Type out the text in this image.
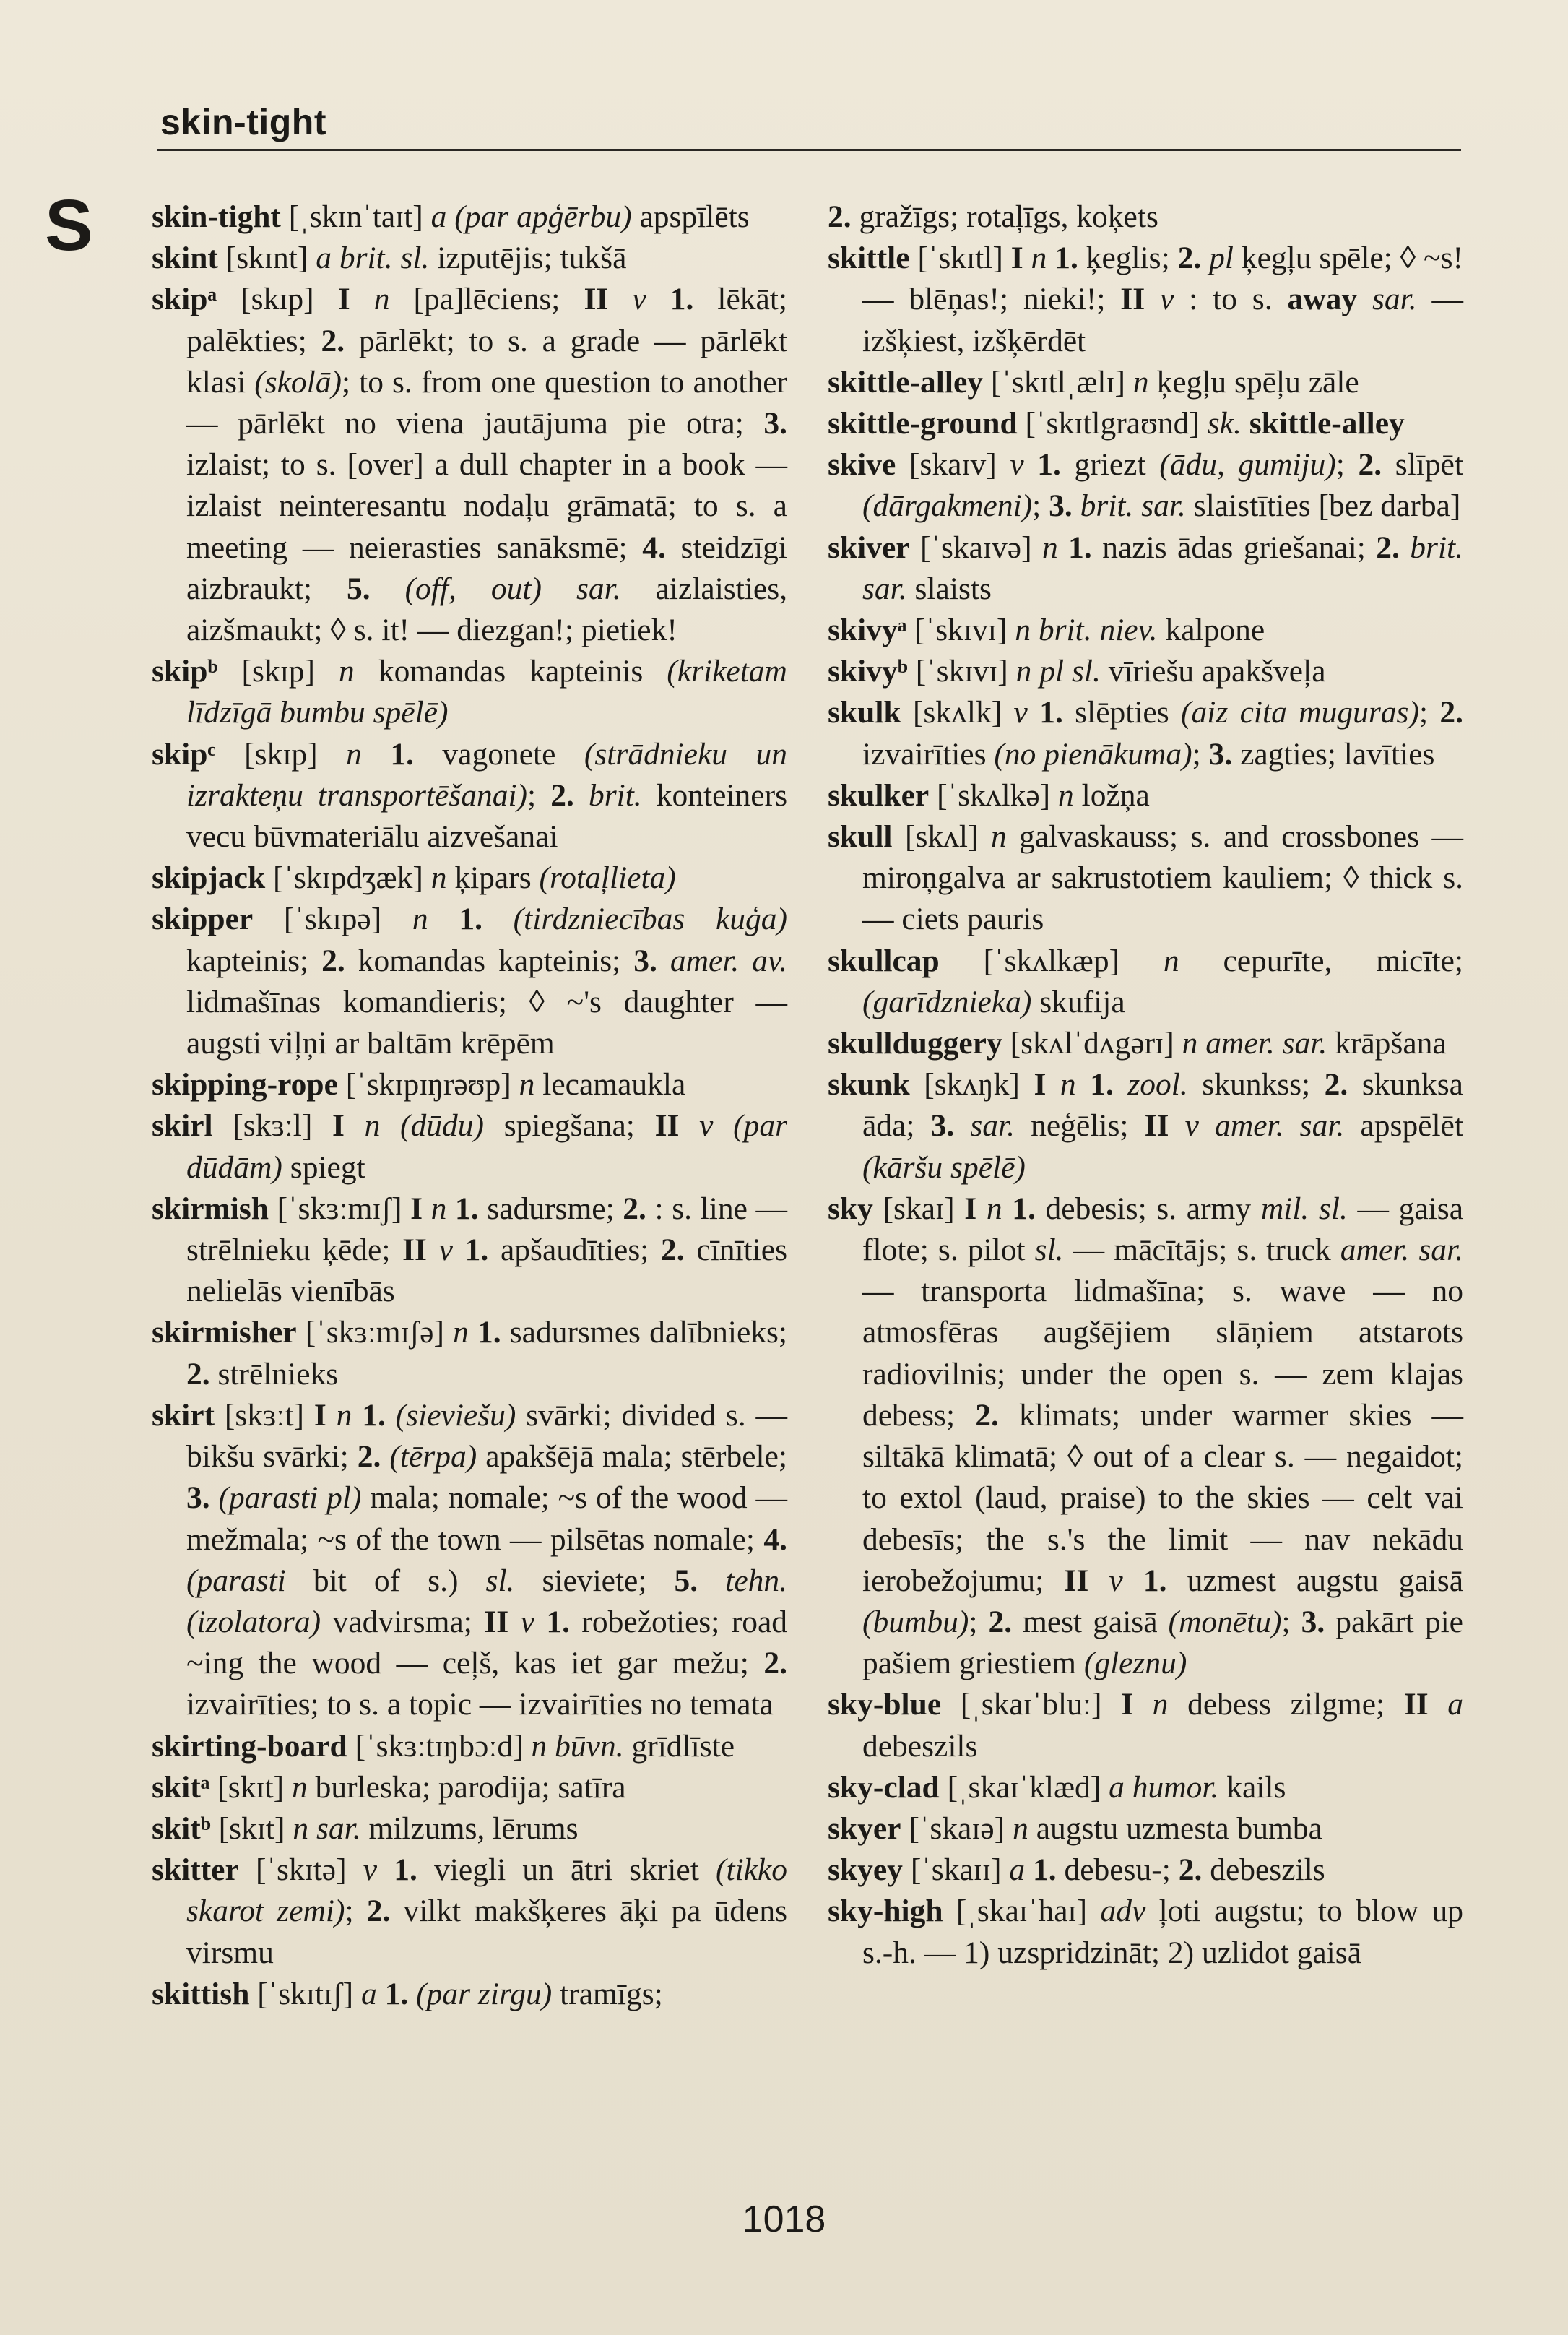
skin-tight
S skin-tight [ˌskɪnˈtaɪt] a (par apģērbu) apspīlēts

skint [skɪnt] a brit. sl. izputējis; tukšā

skipᵃ [skɪp] I n [pa]lēciens; II v 1. lēkāt; palēkties; 2. pārlēkt; to s. a grade — pārlēkt klasi (skolā); to s. from one question to another — pārlēkt no viena jautājuma pie otra; 3. izlaist; to s. [over] a dull chapter in a book — izlaist neinteresantu nodaļu grāmatā; to s. a meeting — neierasties sanāksmē; 4. steidzīgi aizbraukt; 5. (off, out) sar. aizlaisties, aizšmaukt; ◊ s. it! — diezgan!; pietiek!

skipᵇ [skɪp] n komandas kapteinis (kriketam līdzīgā bumbu spēlē)

skipᶜ [skɪp] n 1. vagonete (strādnieku un izrakteņu transportēšanai); 2. brit. konteiners vecu būvmateriālu aizvešanai

skipjack [ˈskɪpdʒæk] n ķipars (rotaļlieta)

skipper [ˈskɪpə] n 1. (tirdzniecības kuģa) kapteinis; 2. komandas kapteinis; 3. amer. av. lidmašīnas komandieris; ◊ ~'s daughter — augsti viļņi ar baltām krēpēm

skipping-rope [ˈskɪpɪŋrəʊp] n lecamaukla

skirl [skɜːl] I n (dūdu) spiegšana; II v (par dūdām) spiegt

skirmish [ˈskɜːmɪʃ] I n 1. sadursme; 2. : s. line — strēlnieku ķēde; II v 1. apšaudīties; 2. cīnīties nelielās vienībās

skirmisher [ˈskɜːmɪʃə] n 1. sadursmes dalībnieks; 2. strēlnieks

skirt [skɜːt] I n 1. (sieviešu) svārki; divided s. — bikšu svārki; 2. (tērpa) apakšējā mala; stērbele; 3. (parasti pl) mala; nomale; ~s of the wood — mežmala; ~s of the town — pilsētas nomale; 4. (parasti bit of s.) sl. sieviete; 5. tehn. (izolatora) vadvirsma; II v 1. robežoties; road ~ing the wood — ceļš, kas iet gar mežu; 2. izvairīties; to s. a topic — izvairīties no temata

skirting-board [ˈskɜːtɪŋbɔːd] n būvn. grīdlīste

skitᵃ [skɪt] n burleska; parodija; satīra

skitᵇ [skɪt] n sar. milzums, lērums

skitter [ˈskɪtə] v 1. viegli un ātri skriet (tikko skarot zemi); 2. vilkt makšķeres āķi pa ūdens virsmu

skittish [ˈskɪtɪʃ] a 1. (par zirgu) tramīgs;

2. gražīgs; rotaļīgs, koķets

skittle [ˈskɪtl] I n 1. ķeglis; 2. pl ķegļu spēle; ◊ ~s! — blēņas!; nieki!; II v : to s. away sar. — izšķiest, izšķērdēt

skittle-alley [ˈskɪtlˌælɪ] n ķegļu spēļu zāle

skittle-ground [ˈskɪtlgraʊnd] sk. skittle-alley

skive [skaɪv] v 1. griezt (ādu, gumiju); 2. slīpēt (dārgakmeni); 3. brit. sar. slaistīties [bez darba]

skiver [ˈskaɪvə] n 1. nazis ādas griešanai; 2. brit. sar. slaists

skivyᵃ [ˈskɪvɪ] n brit. niev. kalpone

skivyᵇ [ˈskɪvɪ] n pl sl. vīriešu apakšveļa

skulk [skʌlk] v 1. slēpties (aiz cita muguras); 2. izvairīties (no pienākuma); 3. zagties; lavīties

skulker [ˈskʌlkə] n ložņa

skull [skʌl] n galvaskauss; s. and crossbones — miroņgalva ar sakrustotiem kauliem; ◊ thick s. — ciets pauris

skullcap [ˈskʌlkæp] n cepurīte, micīte; (garīdznieka) skufija

skullduggery [skʌlˈdʌgərɪ] n amer. sar. krāpšana

skunk [skʌŋk] I n 1. zool. skunkss; 2. skunksa āda; 3. sar. neģēlis; II v amer. sar. apspēlēt (kāršu spēlē)

sky [skaɪ] I n 1. debesis; s. army mil. sl. — gaisa flote; s. pilot sl. — mācītājs; s. truck amer. sar. — transporta lidmašīna; s. wave — no atmosfēras augšējiem slāņiem atstarots radiovilnis; under the open s. — zem klajas debess; 2. klimats; under warmer skies — siltākā klimatā; ◊ out of a clear s. — negaidot; to extol (laud, praise) to the skies — celt vai debesīs; the s.'s the limit — nav nekādu ierobežojumu; II v 1. uzmest augstu gaisā (bumbu); 2. mest gaisā (monētu); 3. pakārt pie pašiem griestiem (gleznu)

sky-blue [ˌskaɪˈbluː] I n debess zilgme; II a debeszils

sky-clad [ˌskaɪˈklæd] a humor. kails

skyer [ˈskaɪə] n augstu uzmesta bumba

skyey [ˈskaɪɪ] a 1. debesu-; 2. debeszils

sky-high [ˌskaɪˈhaɪ] adv ļoti augstu; to blow up s.-h. — 1) uzspridzināt; 2) uzlidot gaisā

1018
